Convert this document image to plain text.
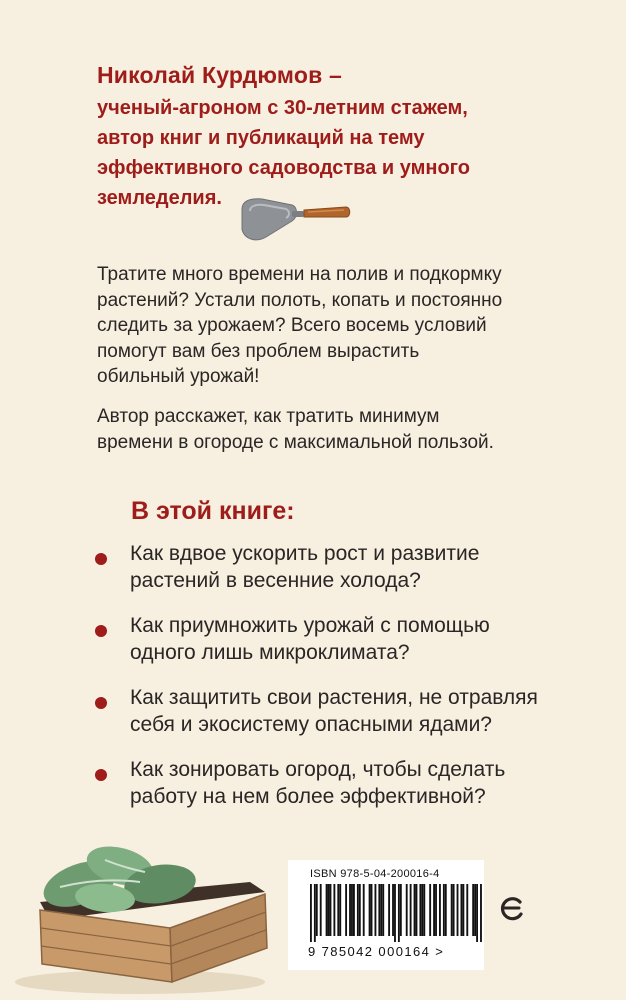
Николай Курдюмов –
ученый-агроном с 30-летним стажем,
автор книг и публикаций на тему
эффективного садоводства и умного
земледелия.
Тратите много времени на полив и подкормку
растений? Устали полоть, копать и постоянно
следить за урожаем? Всего восемь условий
помогут вам без проблем вырастить
обильный урожай!
Автор расскажет, как тратить минимум
времени в огороде с максимальной пользой.
В этой книге:
Как вдвое ускорить рост и развитие
растений в весенние холода?
Как приумножить урожай с помощью
одного лишь микроклимата?
Как защитить свои растения, не отравляя
себя и экосистему опасными ядами?
Как зонировать огород, чтобы сделать
работу на нем более эффективной?
ISBN 978-5-04-200016-4
9 785042 000164 >
